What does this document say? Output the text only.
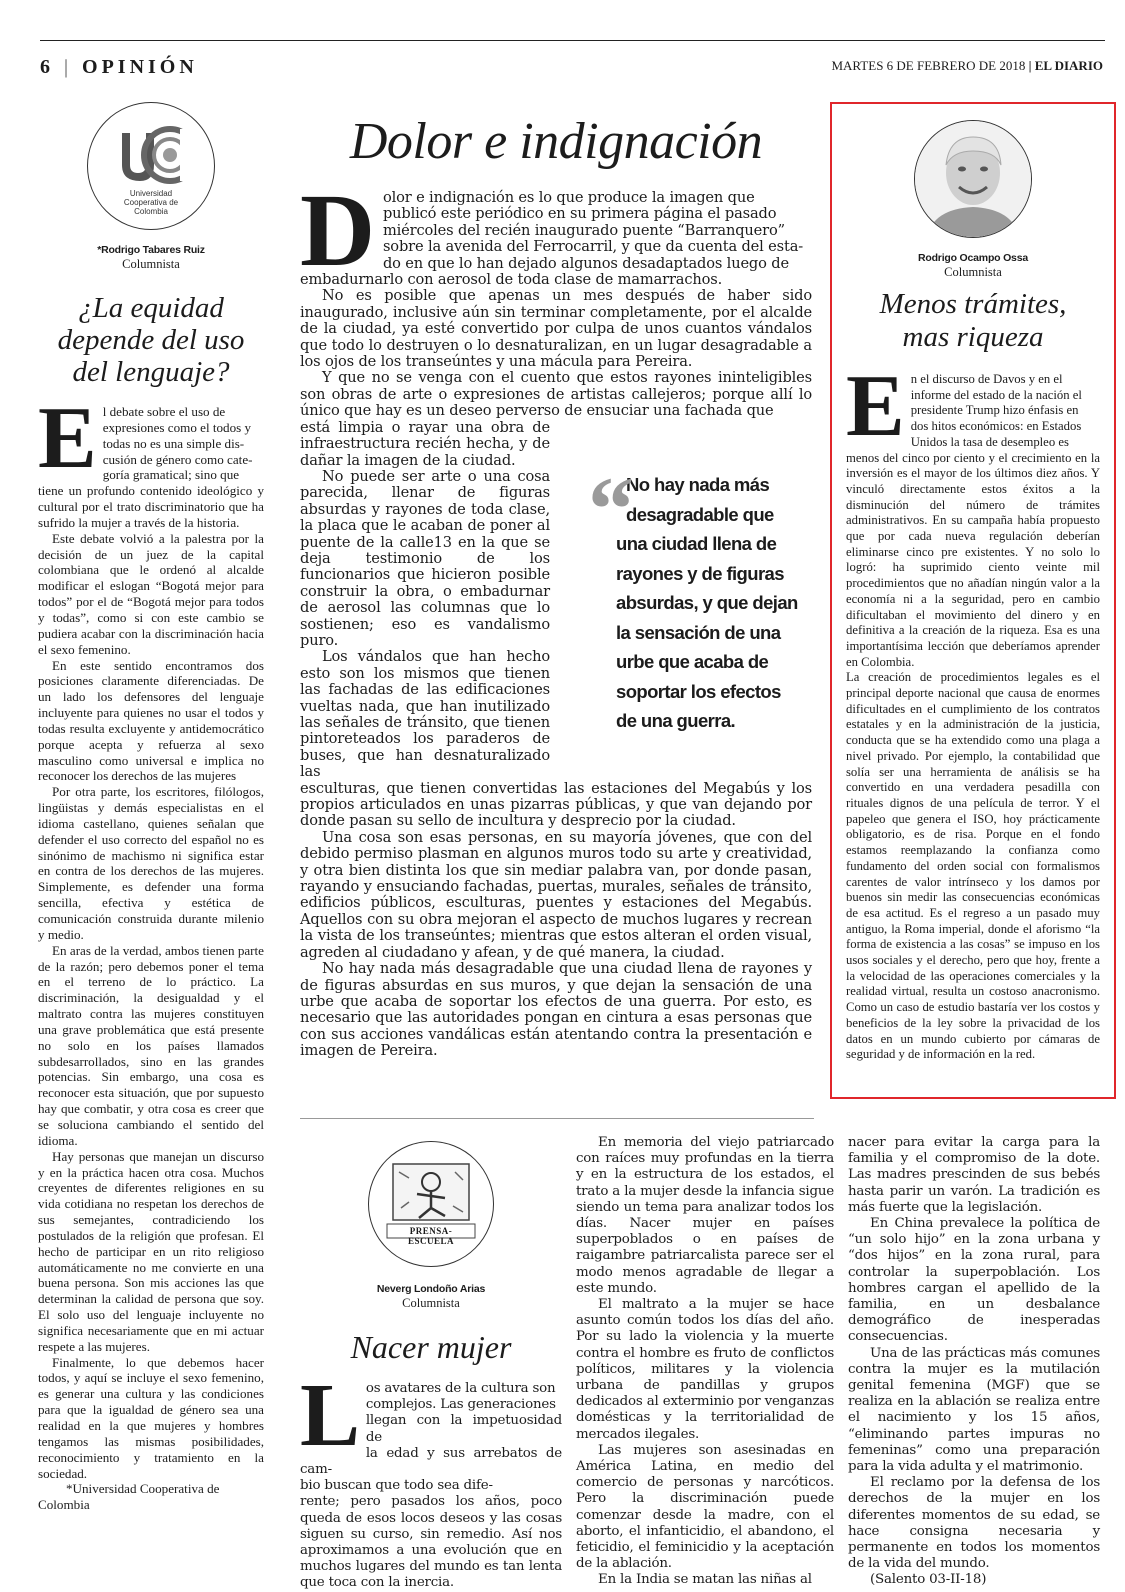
6 | OPINIÓN	MARTES 6 DE FEBRERO DE 2018 | EL DIARIO
Universidad Cooperativa de Colombia
*Rodrigo Tabares Ruiz
Columnista
¿La equidad
depende del uso
del lenguaje?
E l debate sobre el uso de
expresiones como el todos y
todas no es una simple dis-
cusión de género como cate-
goría gramatical; sino que

tiene un profundo contenido ideológico y cultural por el trato discriminatorio que ha sufrido la mujer a través de la historia.

Este debate volvió a la palestra por la decisión de un juez de la capital colombiana que le ordenó al alcalde modificar el eslogan “Bogotá mejor para todos” por el de “Bogotá mejor para todos y todas”, como si con este cambio se pudiera acabar con la discriminación hacia el sexo femenino.

En este sentido encontramos dos posiciones claramente diferenciadas. De un lado los defensores del lenguaje incluyente para quienes no usar el todos y todas resulta excluyente y antidemocrático porque acepta y refuerza al sexo masculino como universal e implica no reconocer los derechos de las mujeres

Por otra parte, los escritores, filólogos, lingüistas y demás especialistas en el idioma castellano, quienes señalan que defender el uso correcto del español no es sinónimo de machismo ni significa estar en contra de los derechos de las mujeres. Simplemente, es defender una forma sencilla, efectiva y estética de comunicación construida durante milenio y medio.

En aras de la verdad, ambos tienen parte de la razón; pero debemos poner el tema en el terreno de lo práctico. La discriminación, la desigualdad y el maltrato contra las mujeres constituyen una grave problemática que está presente no solo en los países llamados subdesarrollados, sino en las grandes potencias. Sin embargo, una cosa es reconocer esta situación, que por supuesto hay que combatir, y otra cosa es creer que se soluciona cambiando el sentido del idioma.

Hay personas que manejan un discurso y en la práctica hacen otra cosa. Muchos creyentes de diferentes religiones en su vida cotidiana no respetan los derechos de sus semejantes, contradiciendo los postulados de la religión que profesan. El hecho de participar en un rito religioso automáticamente no me convierte en una buena persona. Son mis acciones las que determinan la calidad de persona que soy. El solo uso del lenguaje incluyente no significa necesariamente que en mi actuar respete a las mujeres.

Finalmente, lo que debemos hacer todos, y aquí se incluye el sexo femenino, es generar una cultura y las condiciones para que la igualdad de género sea una realidad en la que mujeres y hombres tengamos las mismas posibilidades, reconocimiento y tratamiento en la sociedad.

*Universidad Cooperativa de Colombia

Dolor e indignación
D olor e indignación es lo que produce la imagen que
publicó este periódico en su primera página el pasado
miércoles del recién inaugurado puente “Barranquero”
sobre la avenida del Ferrocarril, y que da cuenta del esta-
do en que lo han dejado algunos desadaptados luego de

embadurnarlo con aerosol de toda clase de mamarrachos.

No es posible que apenas un mes después de haber sido inaugurado, inclusive aún sin terminar completamente, por el alcalde de la ciudad, ya esté convertido por culpa de unos cuantos vándalos que todo lo destruyen o lo desnaturalizan, en un lugar desagradable a los ojos de los transeúntes y una mácula para Pereira.

Y que no se venga con el cuento que estos rayones ininteligibles son obras de arte o expresiones de artistas callejeros; porque allí lo único que hay es un deseo perverso de ensuciar una fachada que

está limpia o rayar una obra de infraestructura recién hecha, y de dañar la imagen de la ciudad.

No puede ser arte o una cosa parecida, llenar de figuras absurdas y rayones de toda clase, la placa que le acaban de poner al puente de la calle13 en la que se deja testimonio de los funcionarios que hicieron posible construir la obra, o embadurnar de aerosol las columnas que lo sostienen; eso es vandalismo puro.

Los vándalos que han hecho esto son los mismos que tienen las fachadas de las edificaciones vueltas nada, que han inutilizado las señales de tránsito, que tienen pintoreteados los paraderos de buses, que han desnaturalizado las

esculturas, que tienen convertidas las estaciones del Megabús y los propios articulados en unas pizarras públicas, y que van dejando por donde pasan su sello de incultura y desprecio por la ciudad.

Una cosa son esas personas, en su mayoría jóvenes, que con del debido permiso plasman en algunos muros todo su arte y creatividad, y otra bien distinta los que sin mediar palabra van, por donde pasan, rayando y ensuciando fachadas, puertas, murales, señales de tránsito, edificios públicos, esculturas, puentes y estaciones del Megabús. Aquellos con su obra mejoran el aspecto de muchos lugares y recrean la vista de los transeúntes; mientras que estos alteran el orden visual, agreden al ciudadano y afean, y de qué manera, la ciudad.

No hay nada más desagradable que una ciudad llena de rayones y de figuras absurdas en sus muros, y que dejan la sensación de una urbe que acaba de soportar los efectos de una guerra. Por esto, es necesario que las autoridades pongan en cintura a esas personas que con sus acciones vandálicas están atentando contra la presentación e imagen de Pereira.

“
No hay nada más
desagradable que
una ciudad llena de
rayones y de figuras
absurdas, y que dejan
la sensación de una
urbe que acaba de
soportar los efectos
de una guerra.
Rodrigo Ocampo Ossa
Columnista
Menos trámites,
mas riqueza
E n el discurso de Davos y en el
informe del estado de la nación el
presidente Trump hizo énfasis en
dos hitos económicos: en Estados
Unidos la tasa de desempleo es

menos del cinco por ciento y el crecimiento en la inversión es el mayor de los últimos diez años. Y vinculó directamente estos éxitos a la disminución del número de trámites administrativos. En su campaña había propuesto que por cada nueva regulación deberían eliminarse cinco pre existentes. Y no solo lo logró: ha suprimido ciento veinte mil procedimientos que no añadían ningún valor a la economía ni a la seguridad, pero en cambio dificultaban el movimiento del dinero y en definitiva a la creación de la riqueza. Esa es una importantísima lección que deberíamos aprender en Colombia.

La creación de procedimientos legales es el principal deporte nacional que causa de enormes dificultades en el cumplimiento de los contratos estatales y en la administración de la justicia, conducta que se ha extendido como una plaga a nivel privado. Por ejemplo, la contabilidad que solía ser una herramienta de análisis se ha convertido en una verdadera pesadilla con rituales dignos de una película de terror. Y el papeleo que genera el ISO, hoy prácticamente obligatorio, es de risa. Porque en el fondo estamos reemplazando la confianza como fundamento del orden social con formalismos carentes de valor intrínseco y los damos por buenos sin medir las consecuencias económicas de esa actitud. Es el regreso a un pasado muy antiguo, la Roma imperial, donde el aforismo “la forma de existencia a las cosas” se impuso en los usos sociales y el derecho, pero que hoy, frente a la velocidad de las operaciones comerciales y la realidad virtual, resulta un costoso anacronismo. Como un caso de estudio bastaría ver los costos y beneficios de la ley sobre la privacidad de los datos en un mundo cubierto por cámaras de seguridad y de información en la red.

PRENSA-ESCUELA
Neverg Londoño Arias
Columnista
Nacer mujer
L os avatares de la cultura son
complejos. Las generaciones
llegan con la impetuosidad de
la edad y sus arrebatos de cam-
bio buscan que todo sea dife-

rente; pero pasados los años, poco queda de esos locos deseos y las cosas siguen su curso, sin remedio. Así nos aproximamos a una evolución que en muchos lugares del mundo es tan lenta que toca con la inercia.

En memoria del viejo patriarcado con raíces muy profundas en la tierra y en la estructura de los estados, el trato a la mujer desde la infancia sigue siendo un tema para analizar todos los días. Nacer mujer en países superpoblados o en países de raigambre patriarcalista parece ser el modo menos agradable de llegar a este mundo.

El maltrato a la mujer se hace asunto común todos los días del año. Por su lado la violencia y la muerte contra el hombre es fruto de conflictos políticos, militares y la violencia urbana de pandillas y grupos dedicados al exterminio por venganzas domésticas y la territorialidad de mercados ilegales.

Las mujeres son asesinadas en América Latina, en medio del comercio de personas y narcóticos. Pero la discriminación puede comenzar desde la madre, con el aborto, el infanticidio, el abandono, el feticidio, el feminicidio y la aceptación de la ablación.

En la India se matan las niñas al

nacer para evitar la carga para la familia y el compromiso de la dote. Las madres prescinden de sus bebés hasta parir un varón. La tradición es más fuerte que la legislación.

En China prevalece la política de “un solo hijo” en la zona urbana y “dos hijos” en la zona rural, para controlar la superpoblación. Los hombres cargan el apellido de la familia, en un desbalance demográfico de inesperadas consecuencias.

Una de las prácticas más comunes contra la mujer es la mutilación genital femenina (MGF) que se realiza en la ablación se realiza entre el nacimiento y los 15 años, “eliminando partes impuras no femeninas” como una preparación para la vida adulta y el matrimonio.

El reclamo por la defensa de los derechos de la mujer en los diferentes momentos de su edad, se hace consigna necesaria y permanente en todos los momentos de la vida del mundo.

(Salento 03-II-18)
